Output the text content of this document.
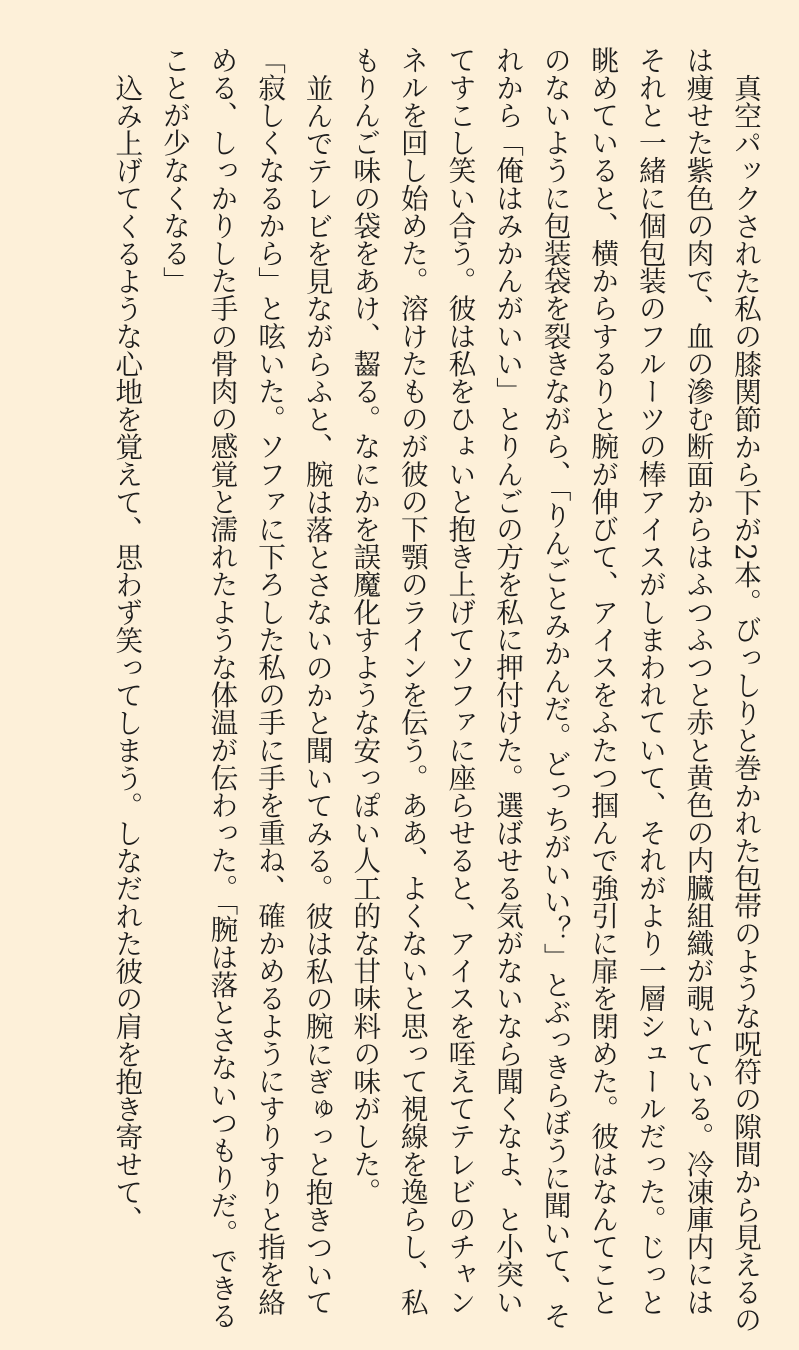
真空パックされた私の膝関節から下が2本。びっしりと巻かれた包帯のような呪符の隙間から見えるのは痩せた紫色の肉で、血の滲む断面からはふつふつと赤と黄色の内臓組織が覗いている。冷凍庫内にはそれと一緒に個包装のフルーツの棒アイスがしまわれていて、それがより一層シュールだった。じっと眺めていると、横からするりと腕が伸びて、アイスをふたつ掴んで強引に扉を閉めた。彼はなんてことのないように包装袋を裂きながら、「りんごとみかんだ。どっちがいい？」とぶっきらぼうに聞いて、それから「俺はみかんがいい」とりんごの方を私に押付けた。選ばせる気がないなら聞くなよ、と小突いてすこし笑い合う。彼は私をひょいと抱き上げてソファに座らせると、アイスを咥えてテレビのチャンネルを回し始めた。溶けたものが彼の下顎のラインを伝う。ああ、よくないと思って視線を逸らし、私もりんご味の袋をあけ、齧る。なにかを誤魔化すような安っぽい人工的な甘味料の味がした。

並んでテレビを見ながらふと、腕は落とさないのかと聞いてみる。彼は私の腕にぎゅっと抱きついて「寂しくなるから」と呟いた。ソファに下ろした私の手に手を重ね、確かめるようにすりすりと指を絡める、しっかりした手の骨肉の感覚と濡れたような体温が伝わった。「腕は落とさないつもりだ。できることが少なくなる」

込み上げてくるような心地を覚えて、思わず笑ってしまう。しなだれた彼の肩を抱き寄せて、
